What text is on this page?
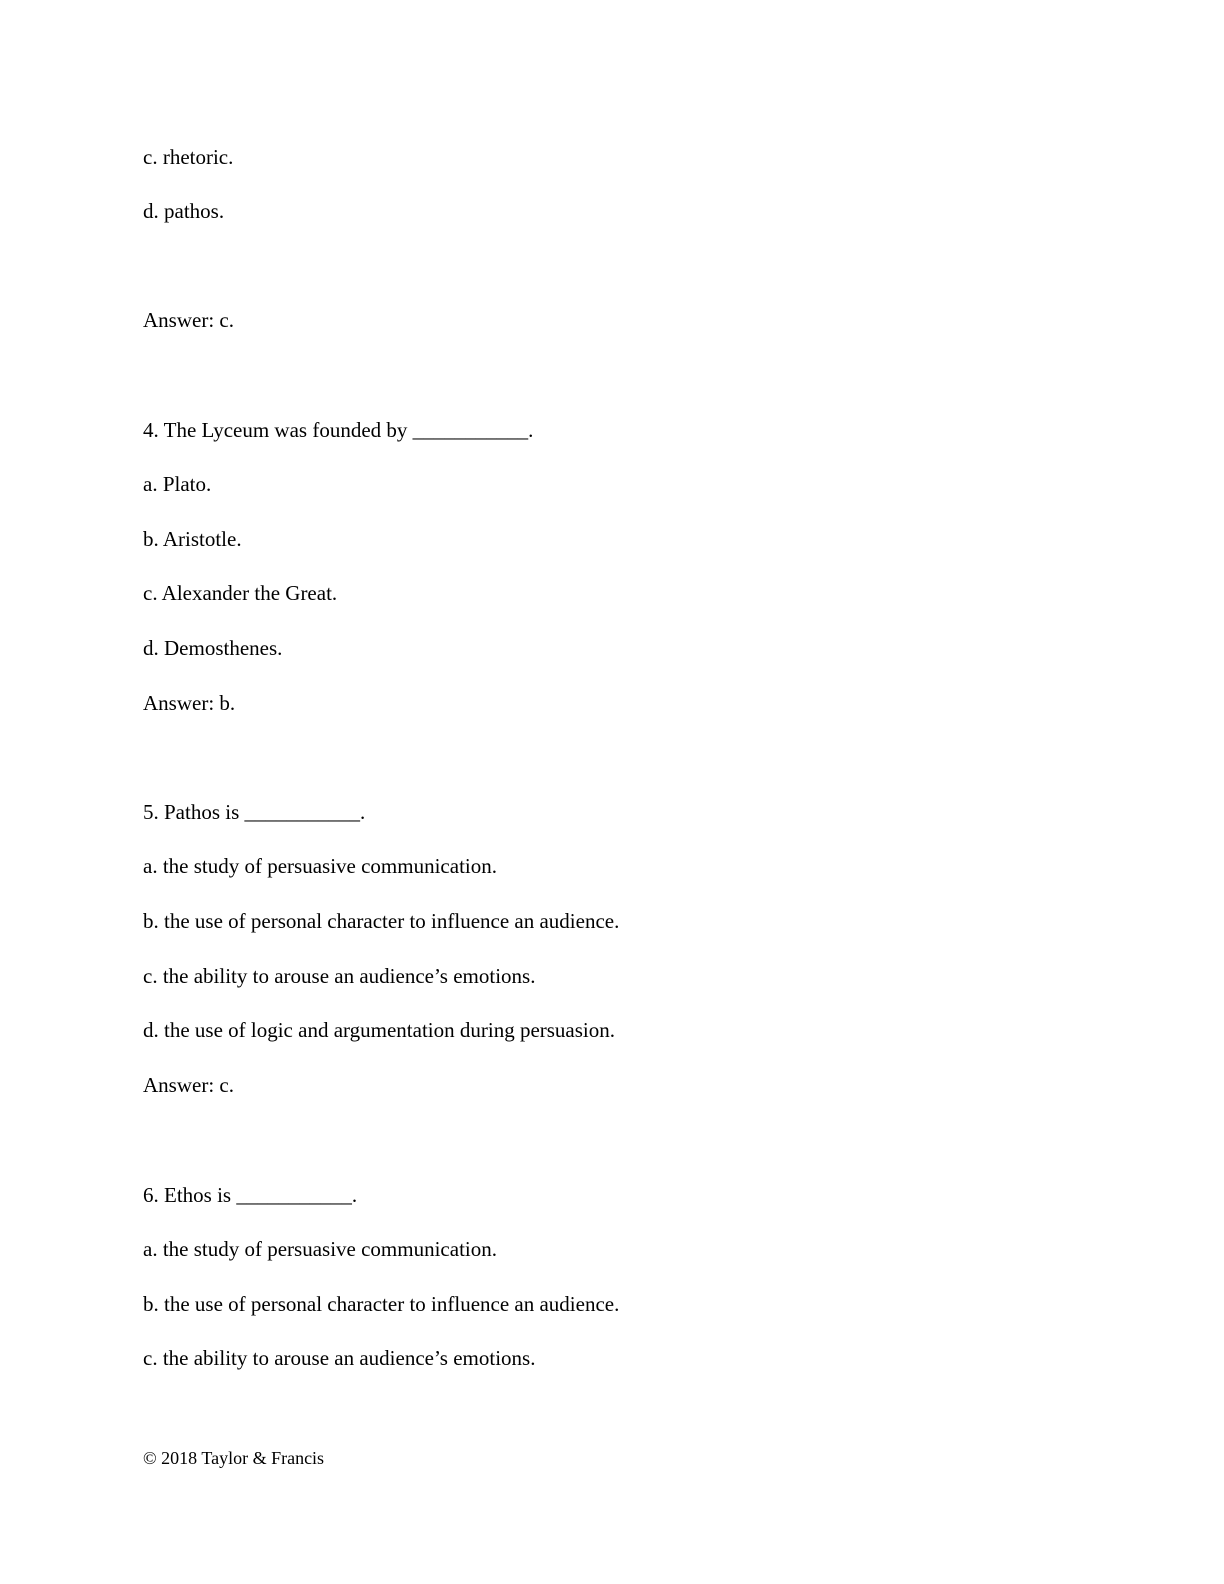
c. rhetoric.
d. pathos.
Answer: c.
4. The Lyceum was founded by ___________.
a. Plato.
b. Aristotle.
c. Alexander the Great.
d. Demosthenes.
Answer: b.
5. Pathos is ___________.
a. the study of persuasive communication.
b. the use of personal character to influence an audience.
c. the ability to arouse an audience’s emotions.
d. the use of logic and argumentation during persuasion.
Answer: c.
6. Ethos is ___________.
a. the study of persuasive communication.
b. the use of personal character to influence an audience.
c. the ability to arouse an audience’s emotions.
© 2018 Taylor & Francis
